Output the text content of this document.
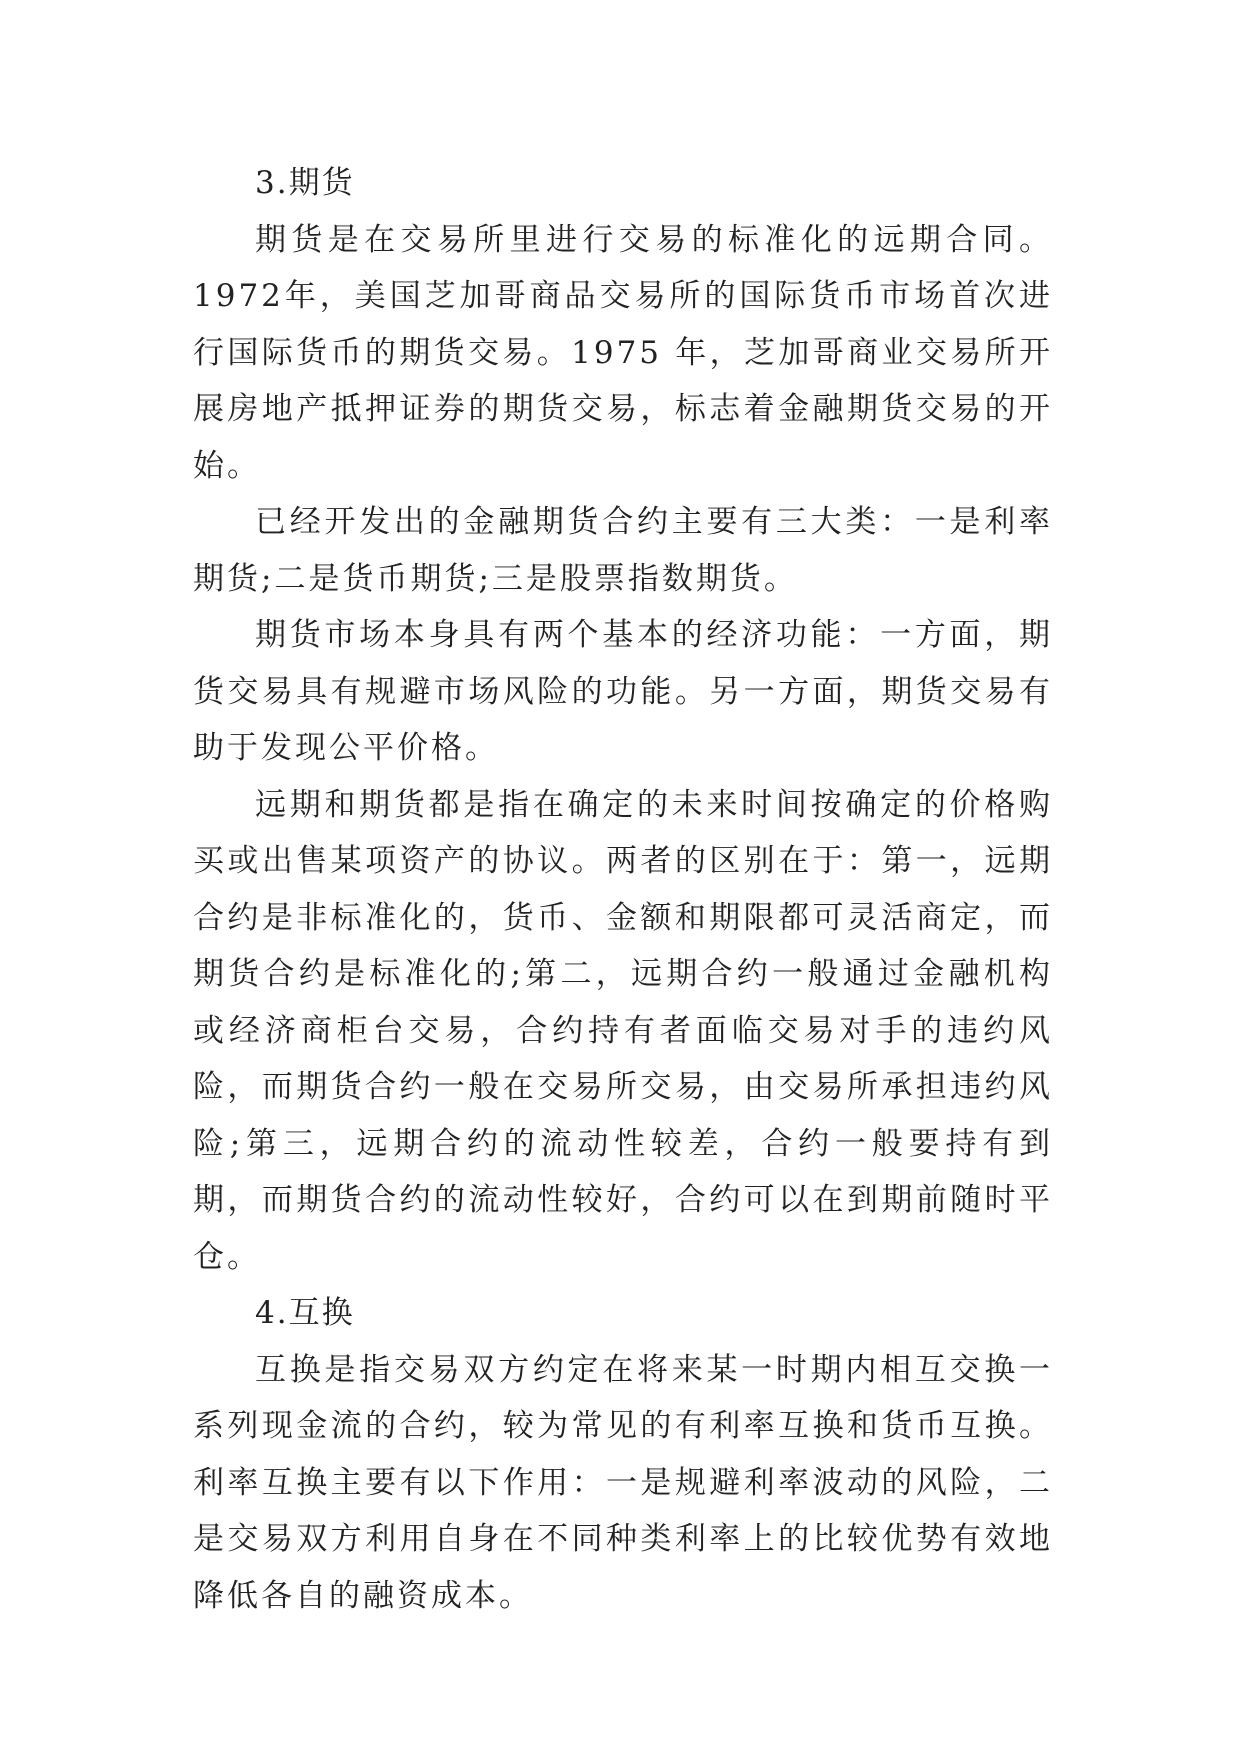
3.期货

期货是在交易所里进行交易的标准化的远期合同。1972年，美国芝加哥商品交易所的国际货币市场首次进行国际货币的期货交易。1975 年，芝加哥商业交易所开展房地产抵押证券的期货交易，标志着金融期货交易的开始。

已经开发出的金融期货合约主要有三大类：一是利率期货;二是货币期货;三是股票指数期货。

期货市场本身具有两个基本的经济功能：一方面，期货交易具有规避市场风险的功能。另一方面，期货交易有助于发现公平价格。

远期和期货都是指在确定的未来时间按确定的价格购买或出售某项资产的协议。两者的区别在于：第一，远期合约是非标准化的，货币、金额和期限都可灵活商定，而期货合约是标准化的;第二，远期合约一般通过金融机构或经济商柜台交易，合约持有者面临交易对手的违约风险，而期货合约一般在交易所交易，由交易所承担违约风险;第三，远期合约的流动性较差，合约一般要持有到期，而期货合约的流动性较好，合约可以在到期前随时平仓。

4.互换

互换是指交易双方约定在将来某一时期内相互交换一系列现金流的合约，较为常见的有利率互换和货币互换。利率互换主要有以下作用：一是规避利率波动的风险，二是交易双方利用自身在不同种类利率上的比较优势有效地降低各自的融资成本。
